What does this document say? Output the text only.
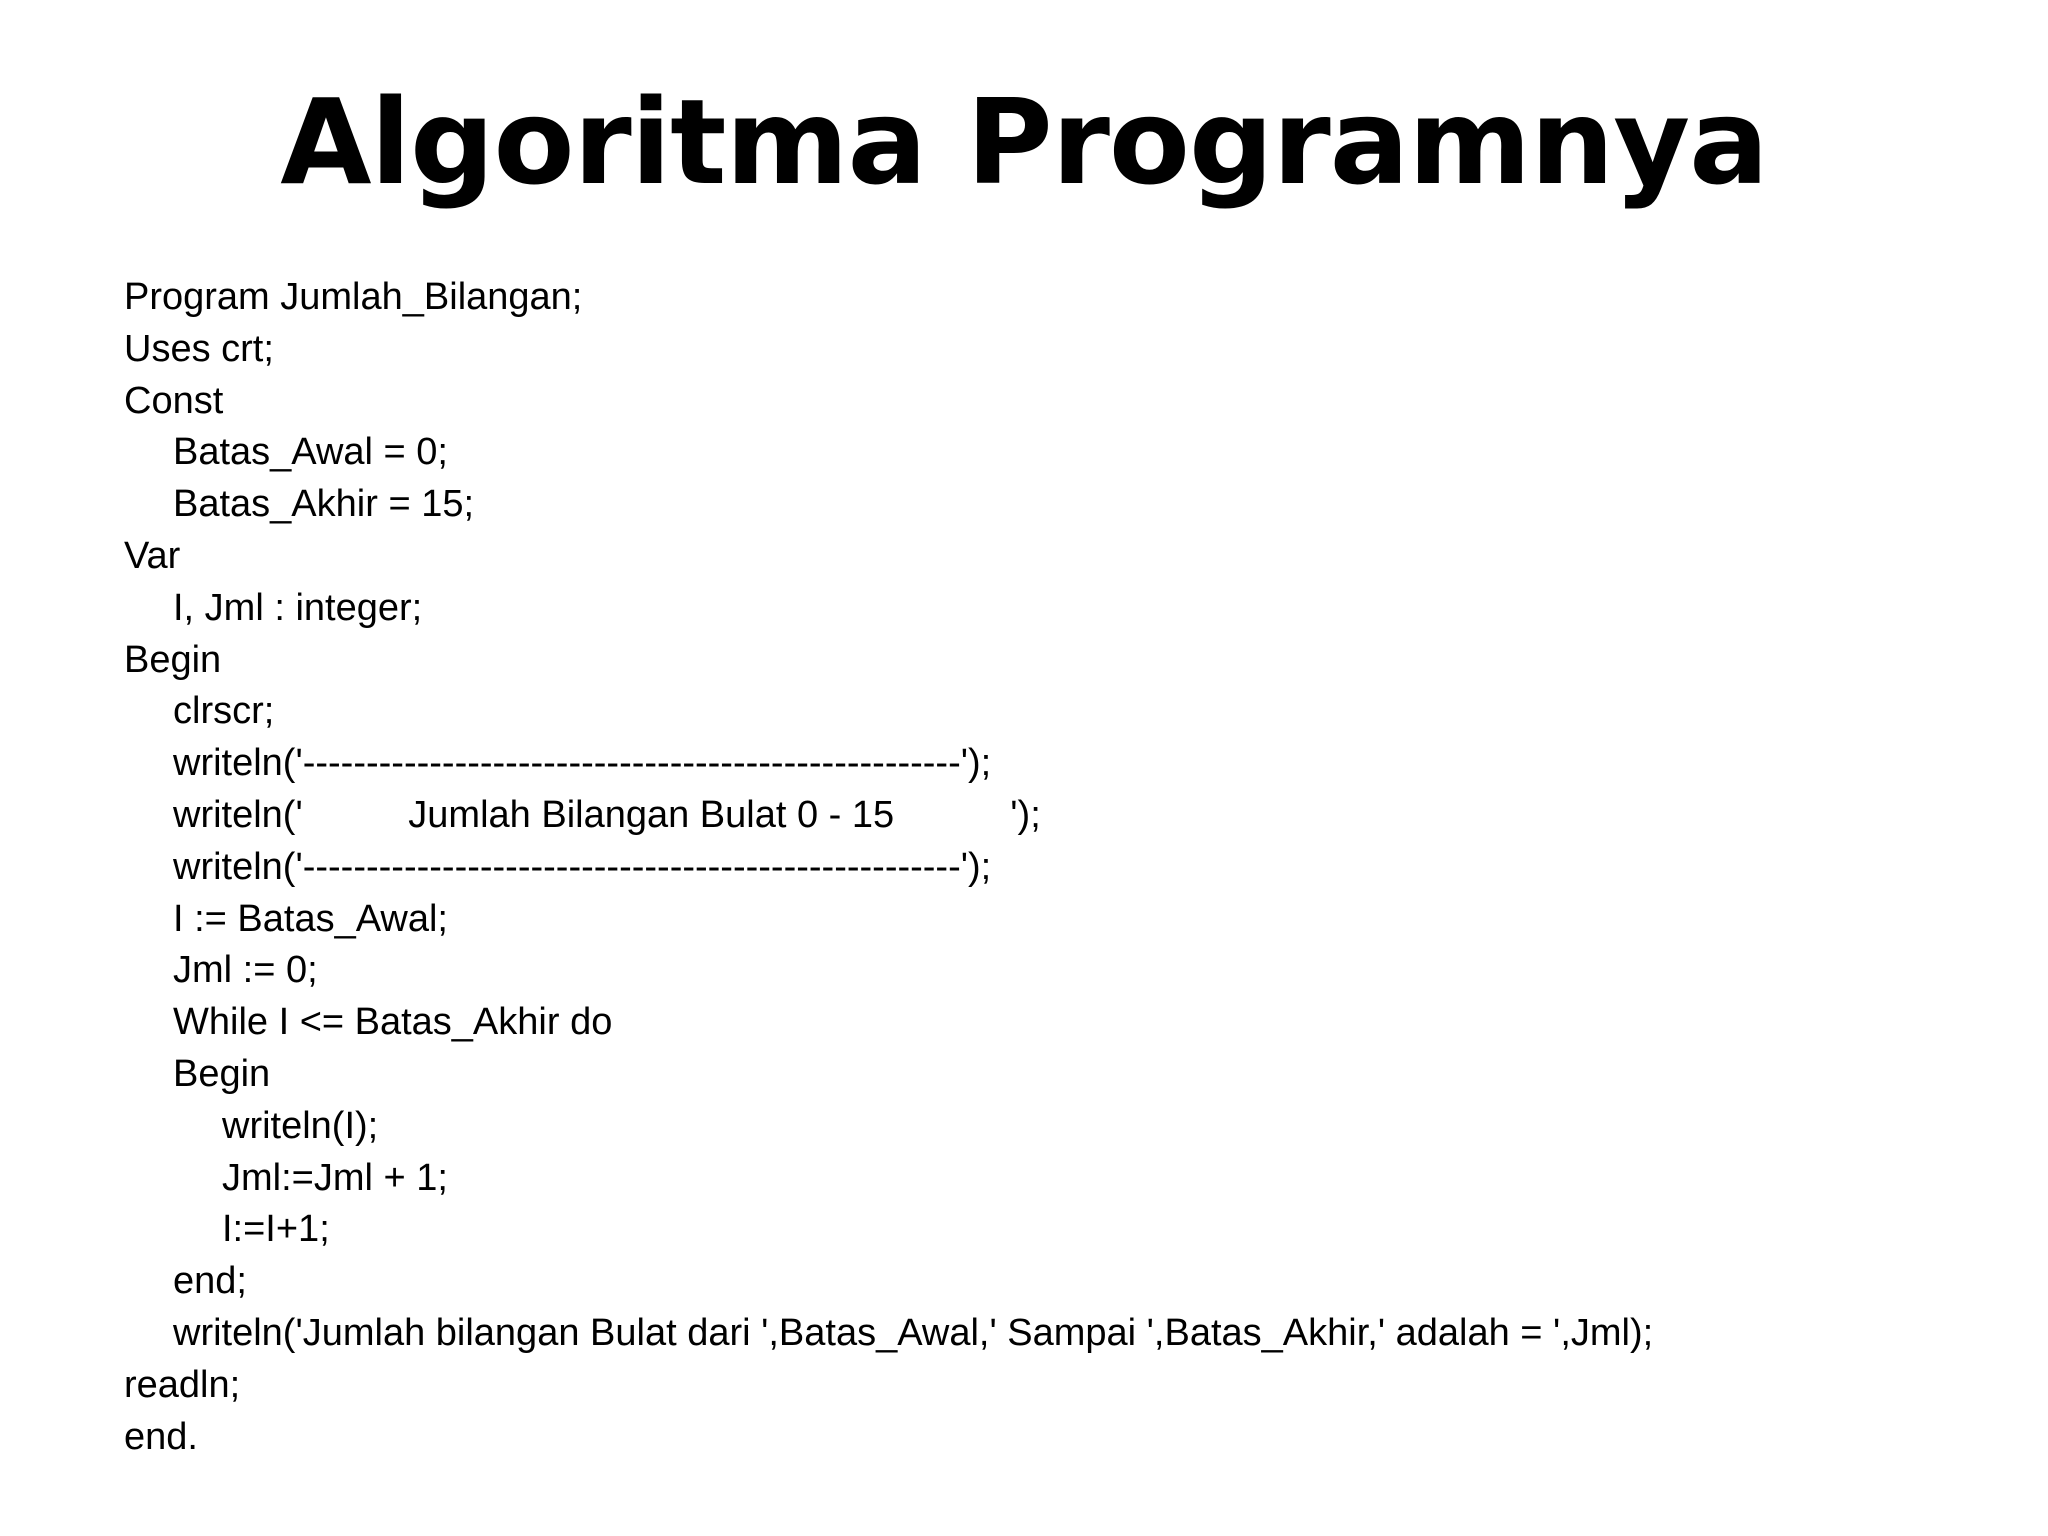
Algoritma Programnya
Program Jumlah_Bilangan;
Uses crt;
Const
Batas_Awal = 0;
Batas_Akhir = 15;
Var
I, Jml : integer;
Begin
clrscr;
writeln('----------------------------------------------------');
writeln('          Jumlah Bilangan Bulat 0 - 15           ');
writeln('----------------------------------------------------');
I := Batas_Awal;
Jml := 0;
While I <= Batas_Akhir do
Begin
writeln(I);
Jml:=Jml + 1;
I:=I+1;
end;
writeln('Jumlah bilangan Bulat dari ',Batas_Awal,' Sampai ',Batas_Akhir,' adalah = ',Jml);
readln;
end.
